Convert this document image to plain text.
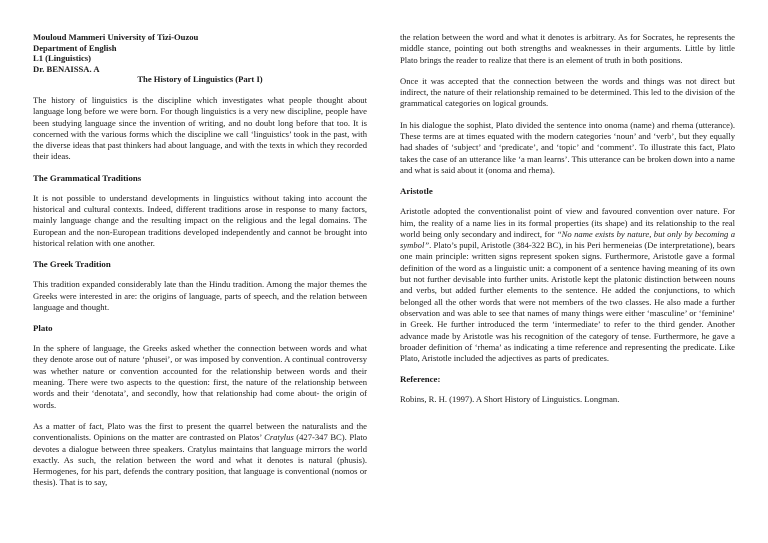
Mouloud Mammeri University of Tizi-Ouzou
Department of English
L1 (Linguistics)
Dr. BENAISSA. A
The History of Linguistics (Part I)

The history of linguistics is the discipline which investigates what people thought about language long before we were born. For though linguistics is a very new discipline, people have been studying language since the invention of writing, and no doubt long before that too. It is concerned with the various forms which the discipline we call ‘linguistics’ took in the past, with the diverse ideas that past thinkers had about language, and with the texts in which they recorded their ideas.

The Grammatical Traditions

It is not possible to understand developments in linguistics without taking into account the historical and cultural contexts. Indeed, different traditions arose in response to many factors, mainly language change and the resulting impact on the religious and the legal domains. The European and the non-European traditions developed independently and cannot be brought into historical relation with one another.

The Greek Tradition

This tradition expanded considerably late than the Hindu tradition. Among the major themes the Greeks were interested in are: the origins of language, parts of speech, and the relation between language and thought.

Plato

In the sphere of language, the Greeks asked whether the connection between words and what they denote arose out of nature ‘phusei’, or was imposed by convention. A continual controversy was whether nature or convention accounted for the relationship between words and their meaning. There were two aspects to the question: first, the nature of the relationship between words and their ‘denotata’, and secondly, how that relationship had come about- the origin of words.

As a matter of fact, Plato was the first to present the quarrel between the naturalists and the conventionalists. Opinions on the matter are contrasted on Platos’ Cratylus (427-347 BC). Plato devotes a dialogue between three speakers. Cratylus maintains that language mirrors the world exactly. As such, the relation between the word and what it denotes is natural (phusis). Hermogenes, for his part, defends the contrary position, that language is conventional (nomos or thesis). That is to say,

the relation between the word and what it denotes is arbitrary. As for Socrates, he represents the middle stance, pointing out both strengths and weaknesses in their arguments. Little by little Plato brings the reader to realize that there is an element of truth in both positions.

Once it was accepted that the connection between the words and things was not direct but indirect, the nature of their relationship remained to be determined. This led to the division of the grammatical categories on logical grounds.

In his dialogue the sophist, Plato divided the sentence into onoma (name) and rhema (utterance). These terms are at times equated with the modern categories ‘noun’ and ‘verb’, but they equally had shades of ‘subject’ and ‘predicate’, and ‘topic’ and ‘comment’. To illustrate this fact, Plato takes the case of an utterance like ‘a man learns’. This utterance can be broken down into a name and what is said about it (onoma and rhema).

Aristotle

Aristotle adopted the conventionalist point of view and favoured convention over nature. For him, the reality of a name lies in its formal properties (its shape) and its relationship to the real world being only secondary and indirect, for “No name exists by nature, but only by becoming a symbol”. Plato’s pupil, Aristotle (384-322 BC), in his Peri hermeneias (De interpretatione), bears one main principle: written signs represent spoken signs. Furthermore, Aristotle gave a formal definition of the word as a linguistic unit: a component of a sentence having meaning of its own but not further devisable into further units. Aristotle kept the platonic distinction between nouns and verbs, but added further elements to the sentence. He added the conjunctions, to which belonged all the other words that were not members of the two classes. He also made a further observation and was able to see that names of many things were either ‘masculine’ or ‘feminine’ in Greek. He further introduced the term ‘intermediate’ to refer to the third gender. Another advance made by Aristotle was his recognition of the category of tense. Furthermore, he gave a broader definition of ‘rhema’ as indicating a time reference and representing the predicate. Like Plato, Aristotle included the adjectives as parts of predicates.

Reference:

Robins, R. H. (1997). A Short History of Linguistics. Longman.
